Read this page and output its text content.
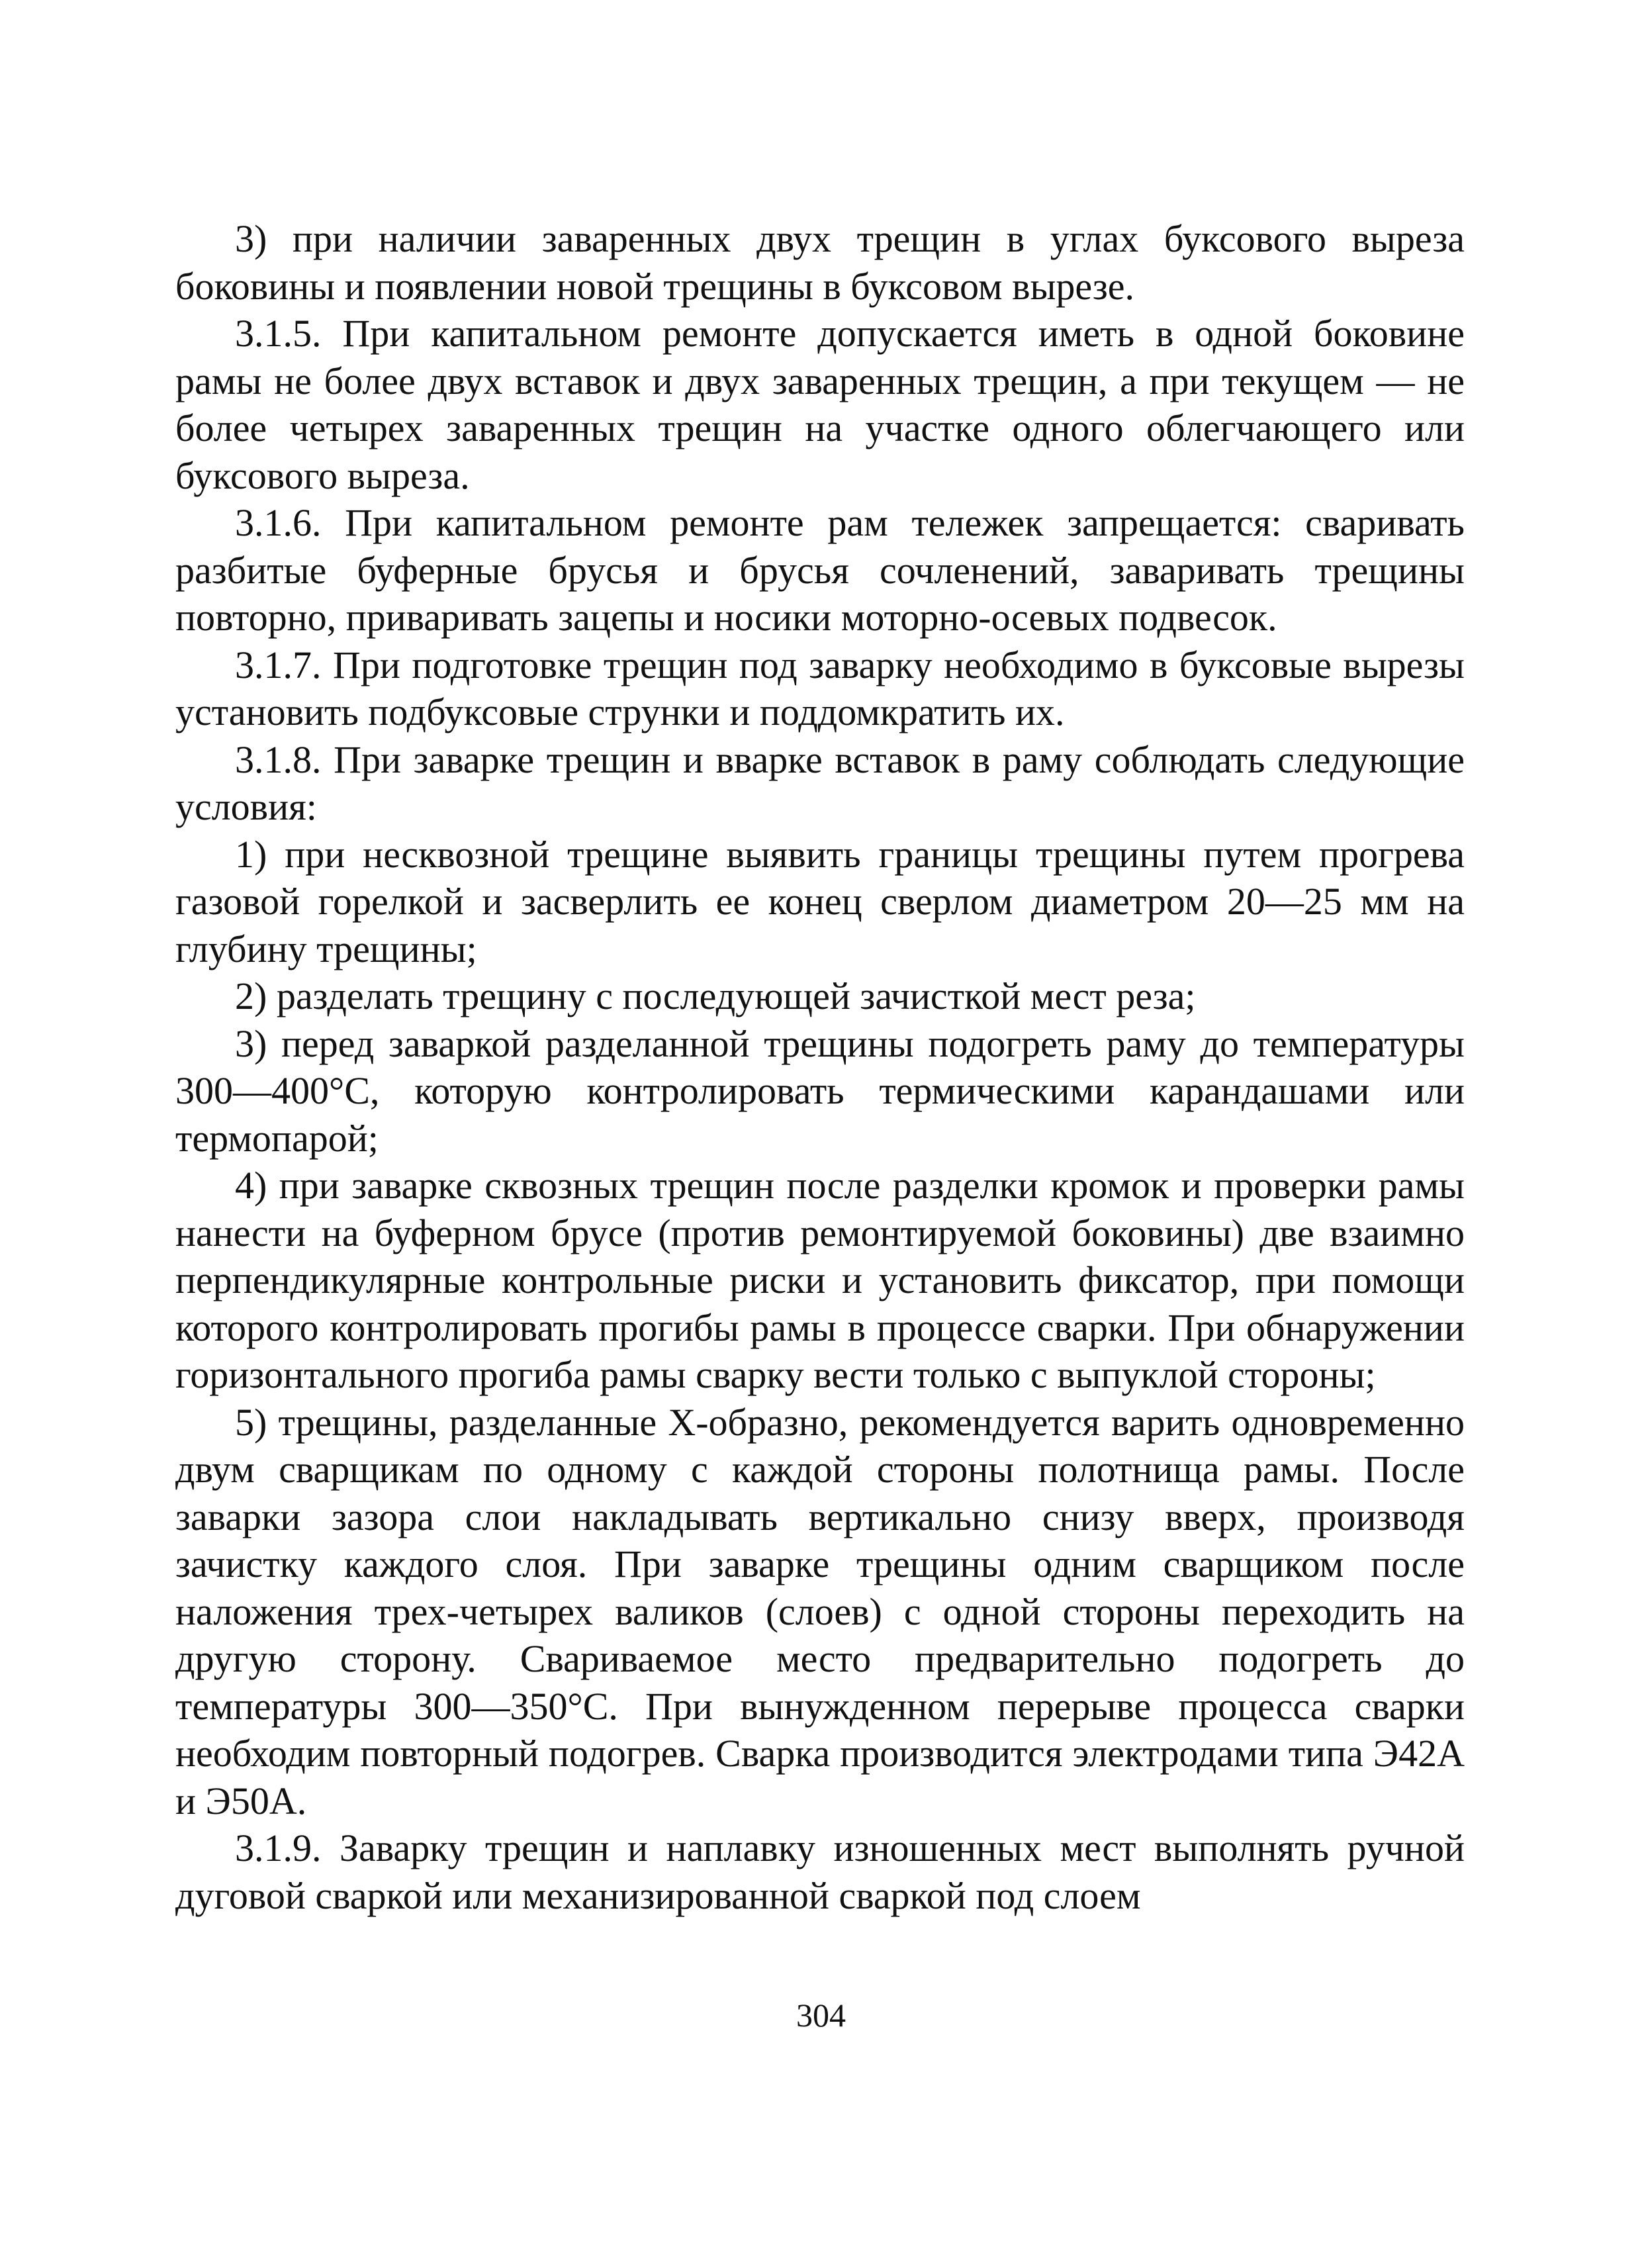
3) при наличии заваренных двух трещин в углах буксового выреза боковины и появлении новой трещины в буксовом вырезе.

3.1.5. При капитальном ремонте допускается иметь в одной боковине рамы не более двух вставок и двух заваренных трещин, а при текущем — не более четырех заваренных трещин на участке одного облегчающего или буксового выреза.

3.1.6. При капитальном ремонте рам тележек запрещается: сваривать разбитые буферные брусья и брусья сочленений, заваривать трещины повторно, приваривать зацепы и носики моторно-осевых подвесок.

3.1.7. При подготовке трещин под заварку необходимо в буксовые вырезы установить подбуксовые струнки и поддомкратить их.

3.1.8. При заварке трещин и вварке вставок в раму соблюдать следующие условия:

1) при несквозной трещине выявить границы трещины путем прогрева газовой горелкой и засверлить ее конец сверлом диаметром 20—25 мм на глубину трещины;

2) разделать трещину с последующей зачисткой мест реза;

3) перед заваркой разделанной трещины подогреть раму до температуры 300—400°С, которую контролировать термическими карандашами или термопарой;

4) при заварке сквозных трещин после разделки кромок и проверки рамы нанести на буферном брусе (против ремонтируемой боковины) две взаимно перпендикулярные контрольные риски и установить фиксатор, при помощи которого контролировать прогибы рамы в процессе сварки. При обнаружении горизонтального прогиба рамы сварку вести только с выпуклой стороны;

5) трещины, разделанные Х-образно, рекомендуется варить одновременно двум сварщикам по одному с каждой стороны полотнища рамы. После заварки зазора слои накладывать вертикально снизу вверх, производя зачистку каждого слоя. При заварке трещины одним сварщиком после наложения трех-четырех валиков (слоев) с одной стороны переходить на другую сторону. Свариваемое место предварительно подогреть до температуры 300—350°С. При вынужденном перерыве процесса сварки необходим повторный подогрев. Сварка производится электродами типа Э42А и Э50А.

3.1.9. Заварку трещин и наплавку изношенных мест выполнять ручной дуговой сваркой или механизированной сваркой под слоем

304
